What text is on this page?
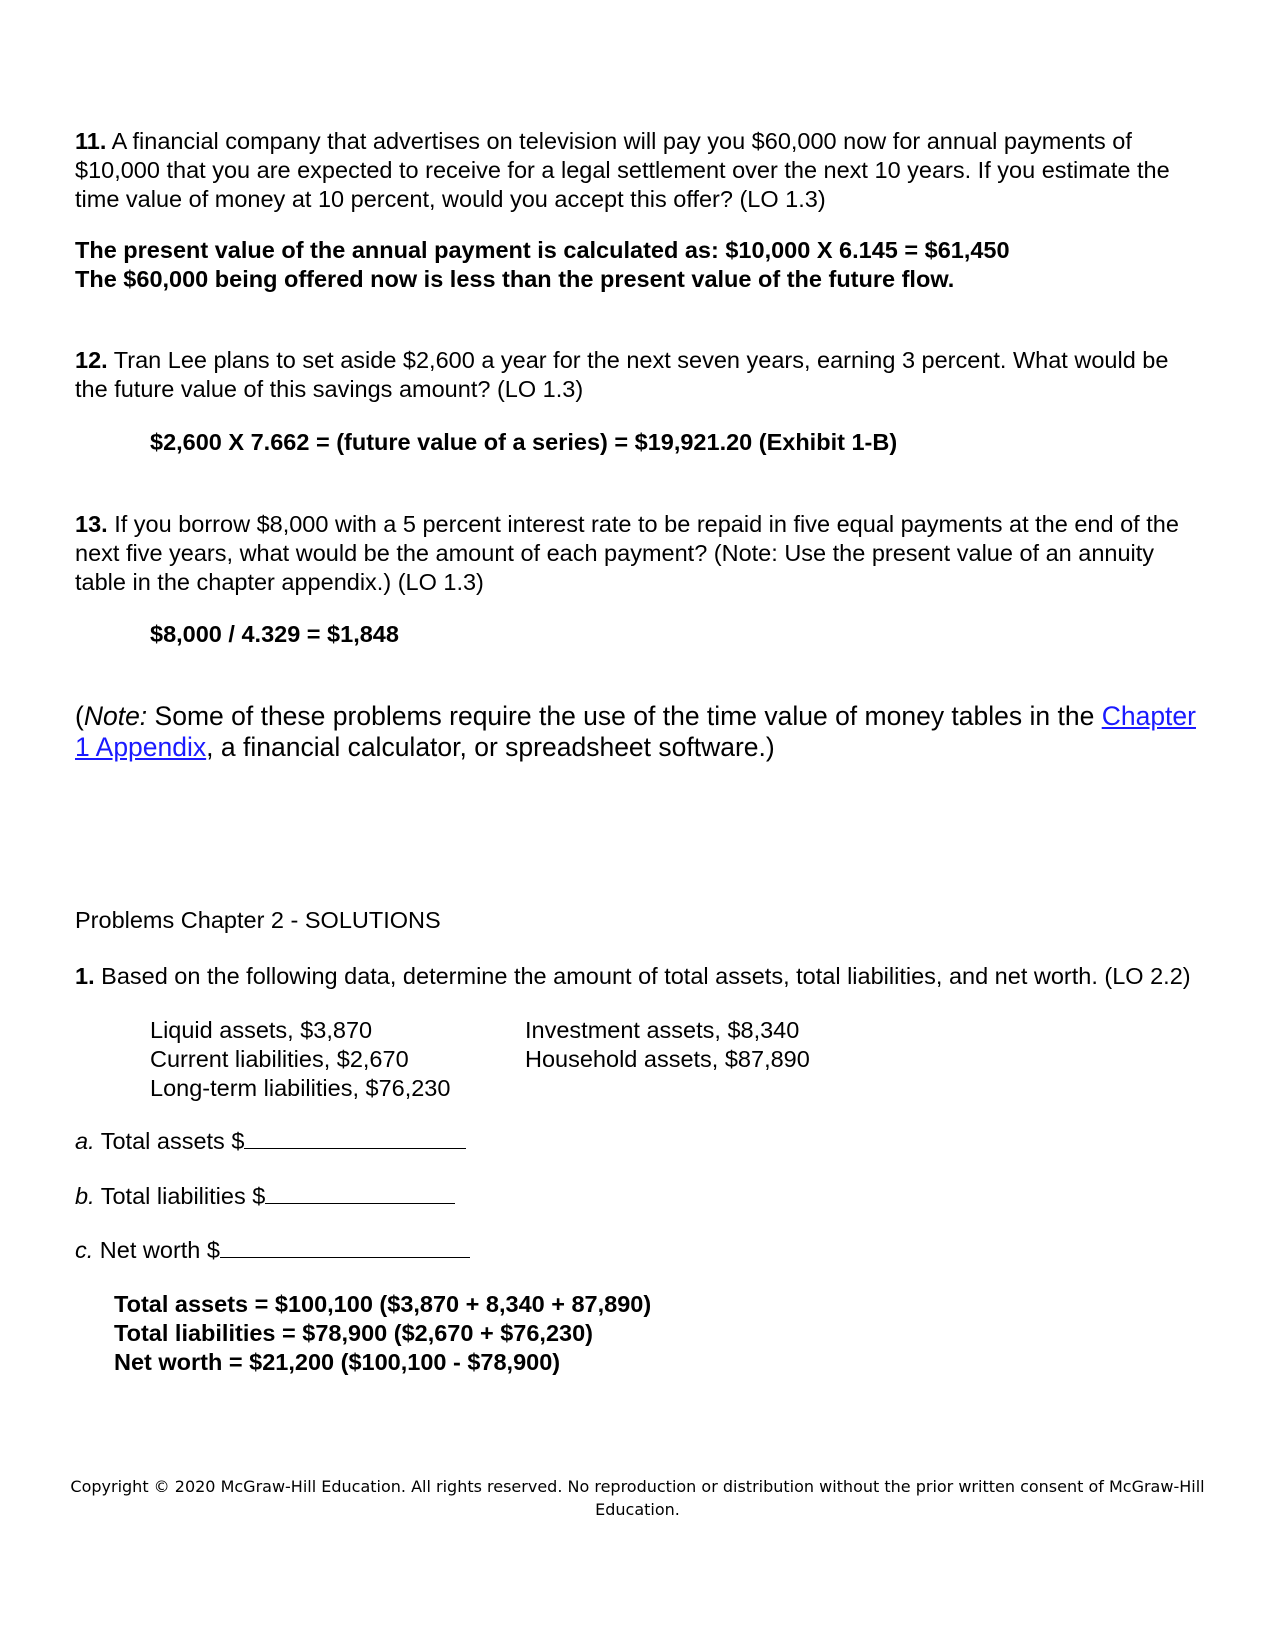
11. A financial company that advertises on television will pay you $60,000 now for annual payments of $10,000 that you are expected to receive for a legal settlement over the next 10 years. If you estimate the time value of money at 10 percent, would you accept this offer? (LO 1.3)
The present value of the annual payment is calculated as: $10,000 X 6.145 = $61,450
The $60,000 being offered now is less than the present value of the future flow.
12. Tran Lee plans to set aside $2,600 a year for the next seven years, earning 3 percent. What would be the future value of this savings amount? (LO 1.3)
$2,600 X 7.662 = (future value of a series) = $19,921.20 (Exhibit 1-B)
13. If you borrow $8,000 with a 5 percent interest rate to be repaid in five equal payments at the end of the next five years, what would be the amount of each payment? (Note: Use the present value of an annuity table in the chapter appendix.) (LO 1.3)
$8,000 / 4.329 = $1,848
(Note: Some of these problems require the use of the time value of money tables in the Chapter 1 Appendix, a financial calculator, or spreadsheet software.)
Problems Chapter 2 - SOLUTIONS
1. Based on the following data, determine the amount of total assets, total liabilities, and net worth. (LO 2.2)
Liquid assets, $3,870
Current liabilities, $2,670
Long-term liabilities, $76,230
Investment assets, $8,340
Household assets, $87,890
a. Total assets $
b. Total liabilities $
c. Net worth $
Total assets = $100,100 ($3,870 + 8,340 + 87,890)
Total liabilities = $78,900 ($2,670 + $76,230)
Net worth = $21,200 ($100,100 - $78,900)
Copyright © 2020 McGraw-Hill Education. All rights reserved. No reproduction or distribution without the prior written consent of McGraw-Hill Education.
